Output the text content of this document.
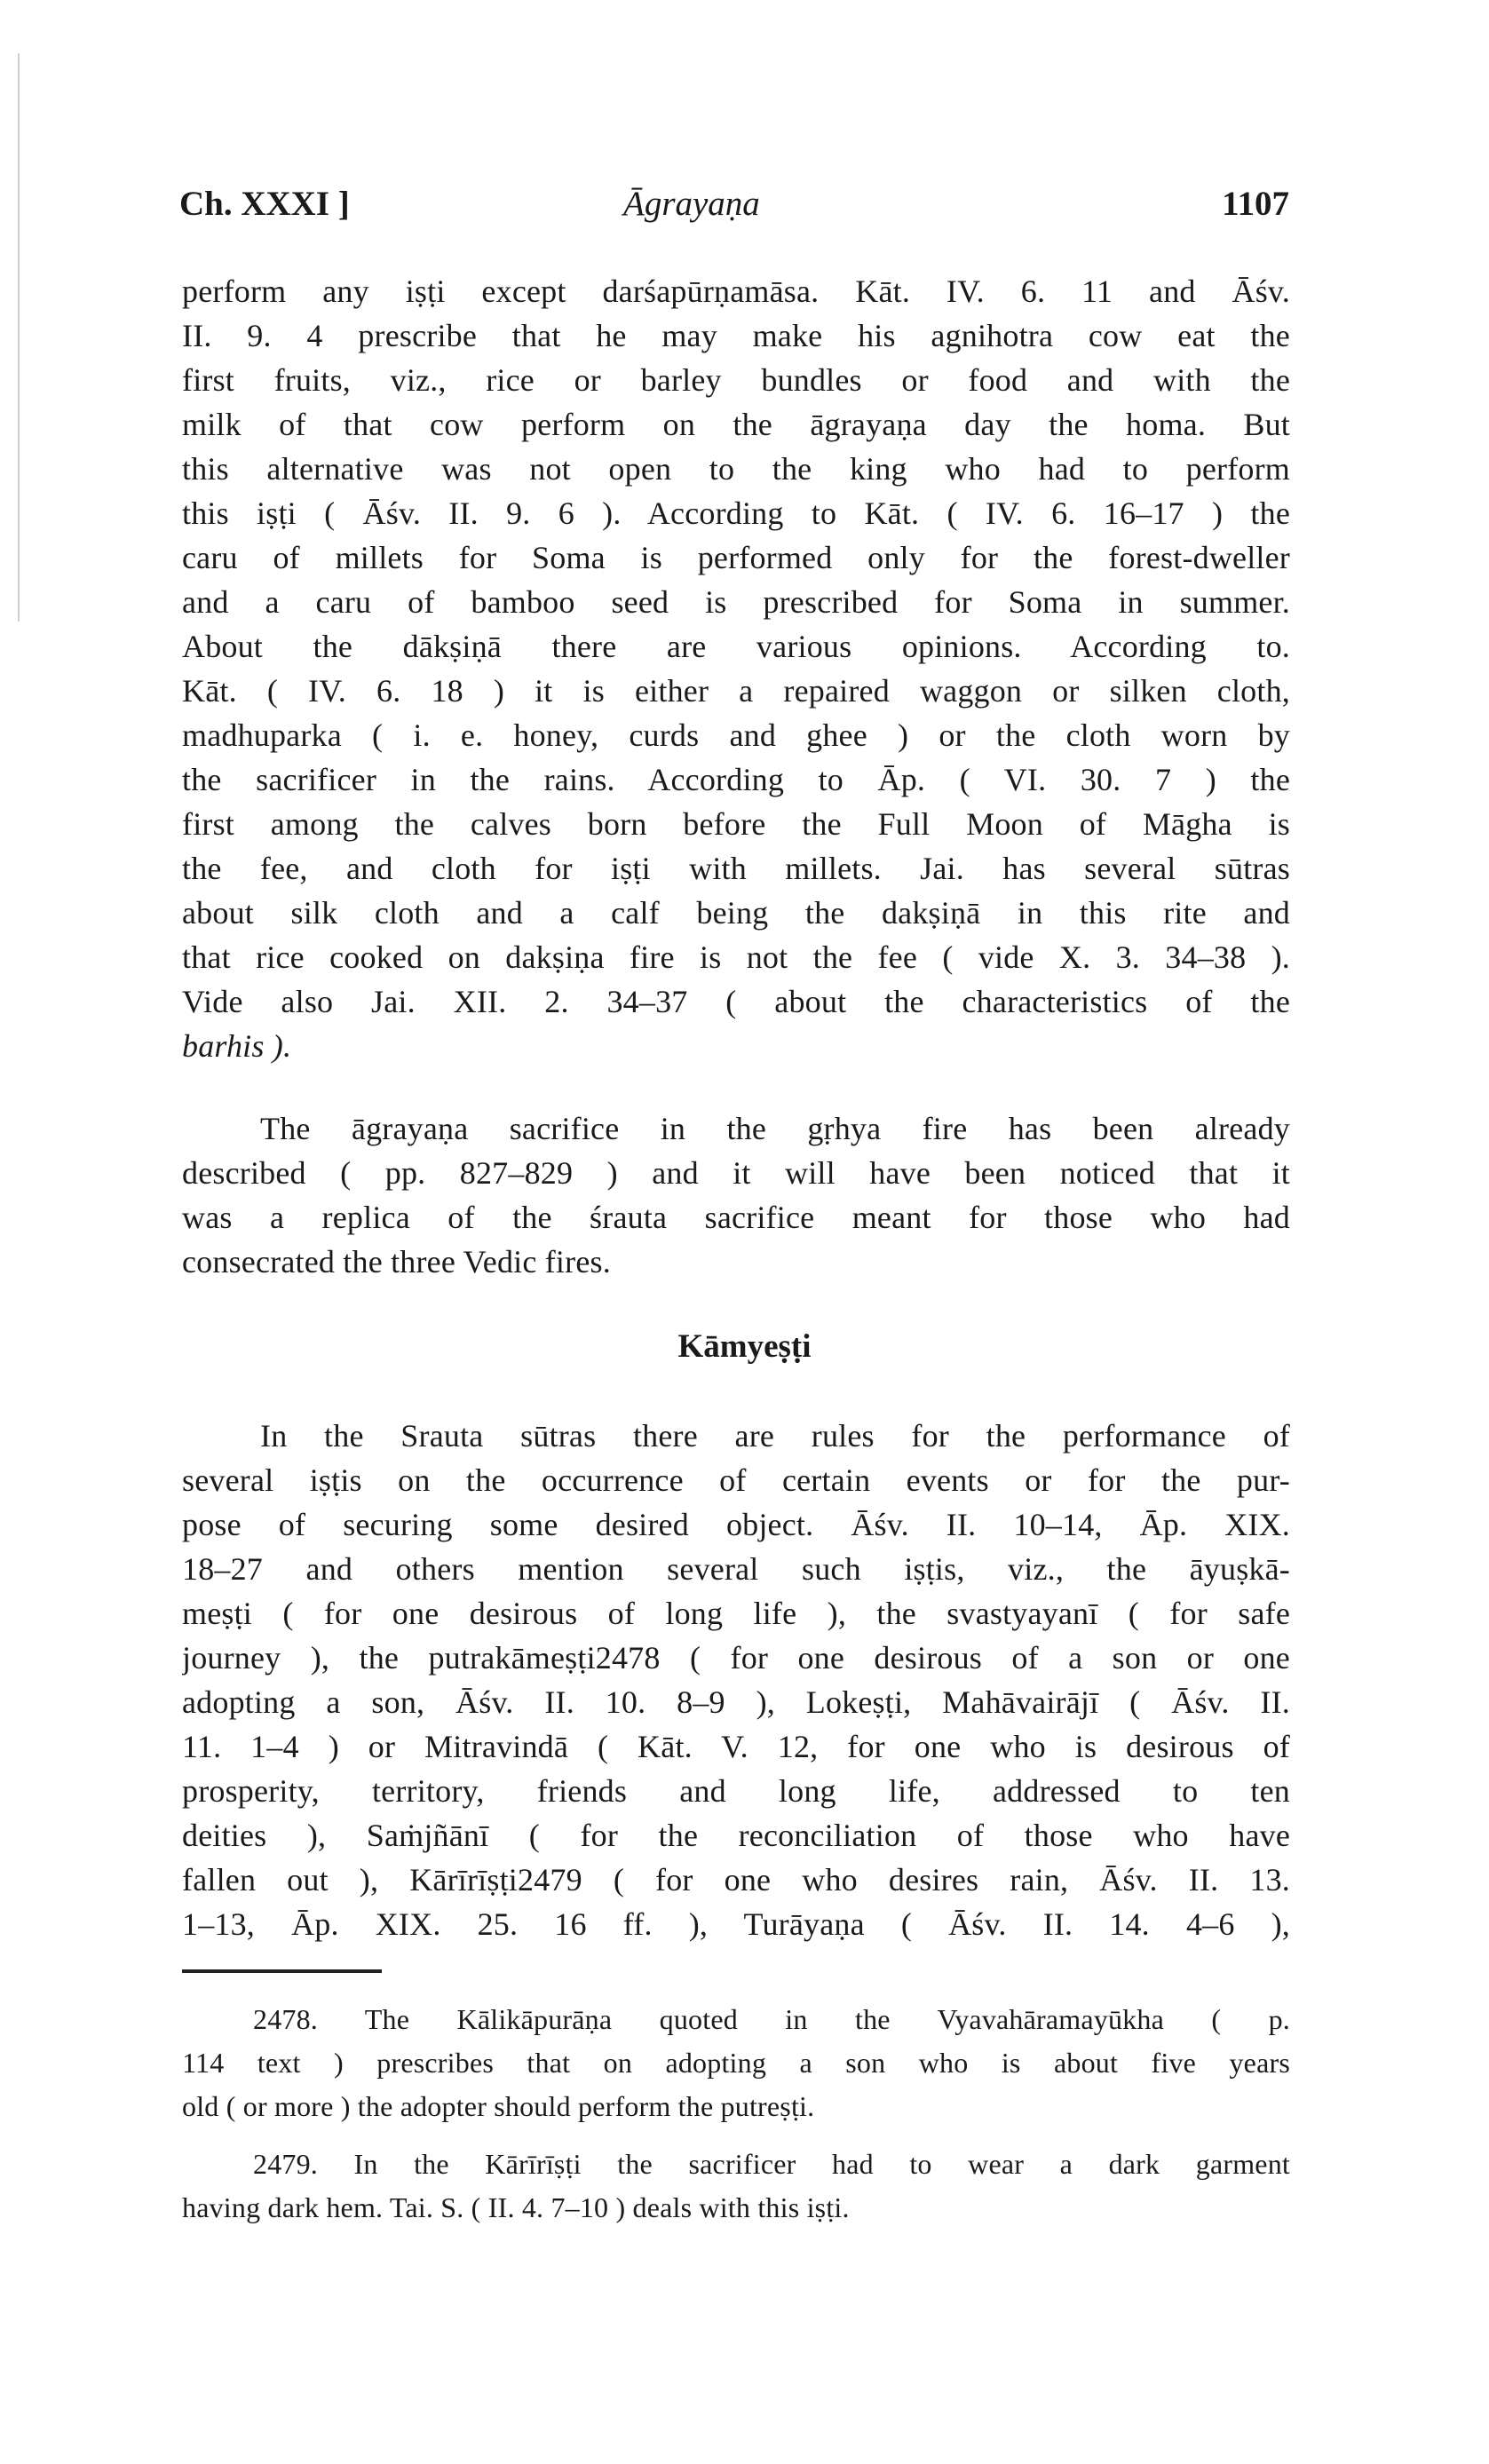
Ch. XXXI ]	Āgrayaṇa	1107
perform any iṣṭi except darśapūrṇamāsa. Kāt. IV. 6. 11 and Āśv.
II. 9. 4 prescribe that he may make his agnihotra cow eat the
first fruits, viz., rice or barley bundles or food and with the
milk of that cow perform on the āgrayaṇa day the homa. But
this alternative was not open to the king who had to perform
this iṣṭi ( Āśv. II. 9. 6 ). According to Kāt. ( IV. 6. 16–17 ) the
caru of millets for Soma is performed only for the forest-dweller
and a caru of bamboo seed is prescribed for Soma in summer.
About the dākṣiṇā there are various opinions. According to.
Kāt. ( IV. 6. 18 ) it is either a repaired waggon or silken cloth,
madhuparka ( i. e. honey, curds and ghee ) or the cloth worn by
the sacrificer in the rains. According to Āp. ( VI. 30. 7 ) the
first among the calves born before the Full Moon of Māgha is
the fee, and cloth for iṣṭi with millets. Jai. has several sūtras
about silk cloth and a calf being the dakṣiṇā in this rite and
that rice cooked on dakṣiṇa fire is not the fee ( vide X. 3. 34–38 ).
Vide also Jai. XII. 2. 34–37 ( about the characteristics of the
barhis ).
The āgrayaṇa sacrifice in the gṛhya fire has been already
described ( pp. 827–829 ) and it will have been noticed that it
was a replica of the śrauta sacrifice meant for those who had
consecrated the three Vedic fires.
Kāmyeṣṭi
In the Srauta sūtras there are rules for the performance of
several iṣṭis on the occurrence of certain events or for the pur-
pose of securing some desired object. Āśv. II. 10–14, Āp. XIX.
18–27 and others mention several such iṣṭis, viz., the āyuṣkā-
meṣṭi ( for one desirous of long life ), the svastyayanī ( for safe
journey ), the putrakāmeṣṭi2478 ( for one desirous of a son or one
adopting a son, Āśv. II. 10. 8–9 ), Lokeṣṭi, Mahāvairājī ( Āśv. II.
11. 1–4 ) or Mitravindā ( Kāt. V. 12, for one who is desirous of
prosperity, territory, friends and long life, addressed to ten
deities ), Saṁjñānī ( for the reconciliation of those who have
fallen out ), Kārīrīṣṭi2479 ( for one who desires rain, Āśv. II. 13.
1–13, Āp. XIX. 25. 16 ff. ), Turāyaṇa ( Āśv. II. 14. 4–6 ),
2478. The Kālikāpurāṇa quoted in the Vyavahāramayūkha ( p.
114 text ) prescribes that on adopting a son who is about five years
old ( or more ) the adopter should perform the putreṣṭi.
2479. In the Kārīrīṣṭi the sacrificer had to wear a dark garment
having dark hem. Tai. S. ( II. 4. 7–10 ) deals with this iṣṭi.
